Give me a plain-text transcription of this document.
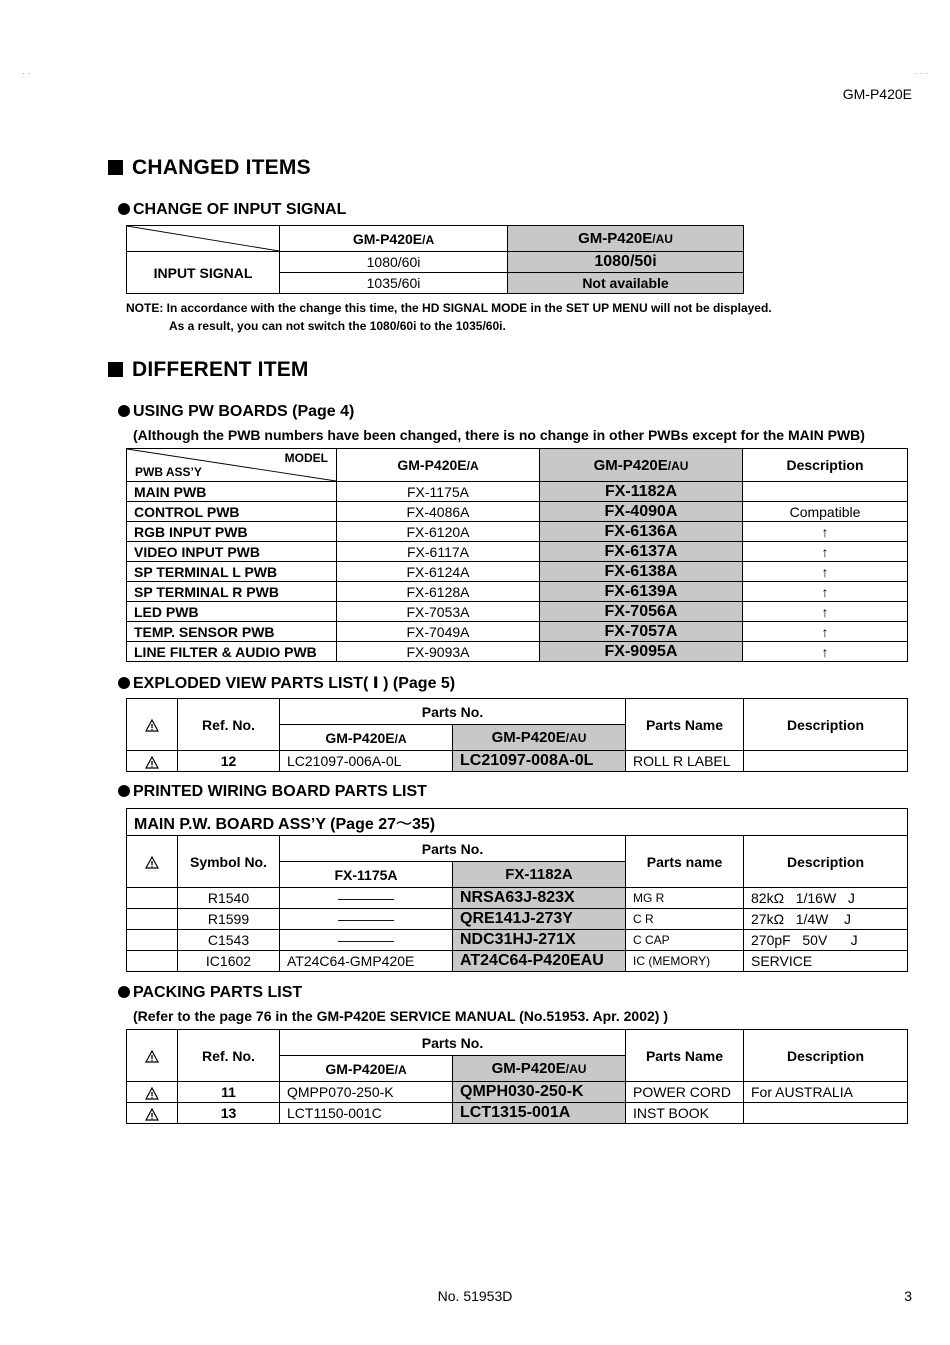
· ·	· · ·
GM-P420E
CHANGED ITEMS
CHANGE OF INPUT SIGNAL
	GM-P420E/A	GM-P420E/AU
INPUT SIGNAL	1080/60i	1080/50i
	1035/60i	Not available
NOTE: In accordance with the change this time, the HD SIGNAL MODE in the SET UP MENU will not be displayed.
As a result, you can not switch the 1080/60i to the 1035/60i.
DIFFERENT ITEM
USING PW BOARDS (Page 4)
(Although the PWB numbers have been changed, there is no change in other PWBs except for the MAIN PWB)
MODEL
PWB ASS’Y	GM-P420E/A	GM-P420E/AU	Description
MAIN PWB	FX-1175A	FX-1182A	
CONTROL PWB	FX-4086A	FX-4090A	Compatible
RGB INPUT PWB	FX-6120A	FX-6136A	↑
VIDEO INPUT PWB	FX-6117A	FX-6137A	↑
SP TERMINAL L PWB	FX-6124A	FX-6138A	↑
SP TERMINAL R PWB	FX-6128A	FX-6139A	↑
LED PWB	FX-7053A	FX-7056A	↑
TEMP. SENSOR PWB	FX-7049A	FX-7057A	↑
LINE FILTER & AUDIO PWB	FX-9093A	FX-9095A	↑
EXPLODED VIEW PARTS LIST( Ⅰ ) (Page 5)
	Ref. No.	Parts No.		Parts Name	Description
		GM-P420E/A	GM-P420E/AU		
	12	LC21097-006A-0L	LC21097-008A-0L	ROLL R LABEL	
PRINTED WIRING BOARD PARTS LIST
MAIN P.W. BOARD ASS’Y (Page 27～35)					
	Symbol No.	Parts No.		Parts name	Description
		FX-1175A	FX-1182A		
	R1540	————	NRSA63J-823X	MG R	82kΩ   1/16W   J
	R1599	————	QRE141J-273Y	C R	27kΩ   1/4W    J
	C1543	————	NDC31HJ-271X	C CAP	270pF   50V      J
	IC1602	AT24C64-GMP420E	AT24C64-P420EAU	IC (MEMORY)	SERVICE
PACKING PARTS LIST
(Refer to the page 76 in the GM-P420E SERVICE MANUAL (No.51953. Apr. 2002) )
	Ref. No.	Parts No.		Parts Name	Description
		GM-P420E/A	GM-P420E/AU		
	11	QMPP070-250-K	QMPH030-250-K	POWER CORD	For AUSTRALIA
	13	LCT1150-001C	LCT1315-001A	INST BOOK	
No. 51953D	3
